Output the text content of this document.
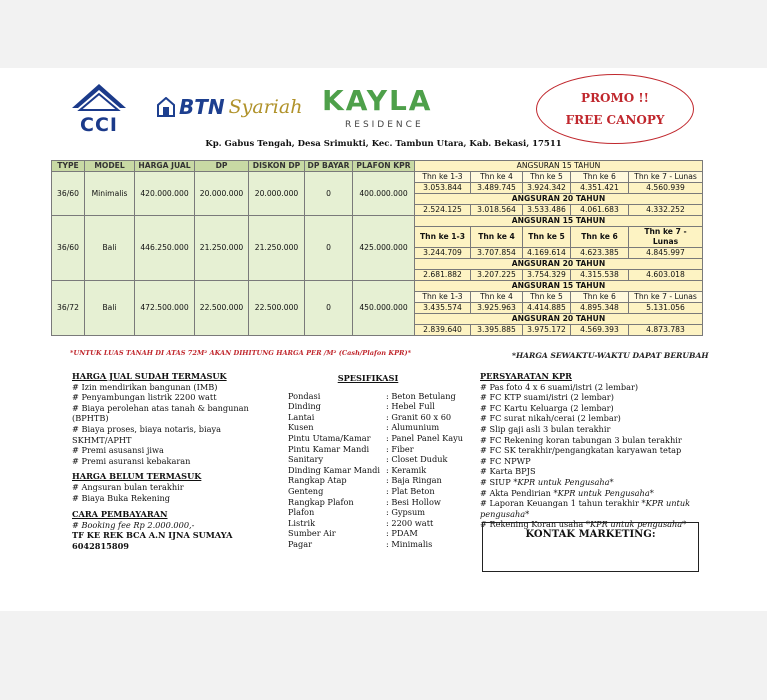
CCI
BTN Syariah KAYLA
RESIDENCE
PROMO !!
FREE CANOPY
Kp. Gabus Tengah, Desa Srimukti, Kec. Tambun Utara, Kab. Bekasi, 17511
TYPE	MODEL	HARGA JUAL	DP	DISKON DP	DP BAYAR	PLAFON KPR	ANGSURAN 15 TAHUN				

36/60	Minimalis	420.000.000	20.000.000	20.000.000	0	400.000.000	Thn ke 1-3	Thn ke 4	Thn ke 5	Thn ke 6	Thn ke 7 - Lunas
							3.053.844	3.489.745	3.924.342	4.351.421	4.560.939
							ANGSURAN 20 TAHUN				
							2.524.125	3.018.564	3.533.486	4.061.683	4.332.252
36/60	Bali	446.250.000	21.250.000	21.250.000	0	425.000.000	ANGSURAN 15 TAHUN				
							Thn ke 1-3	Thn ke 4	Thn ke 5	Thn ke 6	Thn ke 7 - Lunas
							3.244.709	3.707.854	4.169.614	4.623.385	4.845.997
							ANGSURAN 20 TAHUN				
							2.681.882	3.207.225	3.754.329	4.315.538	4.603.018
36/72	Bali	472.500.000	22.500.000	22.500.000	0	450.000.000	ANGSURAN 15 TAHUN				
							Thn ke 1-3	Thn ke 4	Thn ke 5	Thn ke 6	Thn ke 7 - Lunas
							3.435.574	3.925.963	4.414.885	4.895.348	5.131.056
							ANGSURAN 20 TAHUN				
							2.839.640	3.395.885	3.975.172	4.569.393	4.873.783
*UNTUK LUAS TANAH DI ATAS 72M² AKAN DIHITUNG HARGA PER /M² (Cash/Plafon KPR)*	*HARGA SEWAKTU-WAKTU DAPAT BERUBAH
HARGA JUAL SUDAH TERMASUK
# Izin mendirikan bangunan (IMB)
# Penyambungan listrik 2200 watt
# Biaya perolehan atas tanah & bangunan (BPHTB)
# Biaya proses, biaya notaris, biaya SKHMT/APHT
# Premi asusansi jiwa
# Premi asuransi kebakaran
HARGA BELUM TERMASUK
# Angsuran bulan terakhir
# Biaya Buka Rekening
CARA PEMBAYARAN
# Booking fee Rp 2.000.000,-
TF KE REK BCA A.N IJNA SUMAYA 6042815809
SPESIFIKASI
Pondasi	: Beton Betulang
Dinding	: Hebel Full
Lantai	: Granit 60 x 60
Kusen	: Alumunium
Pintu Utama/Kamar	: Panel Panel Kayu
Pintu Kamar Mandi	: Fiber
Sanitary	: Closet Duduk
Dinding Kamar Mandi : Keramik
Rangkap Atap	: Baja Ringan
Genteng	: Plat Beton
Rangkap Plafon	: Besi Hollow
Plafon	: Gypsum
Listrik	: 2200 watt
Sumber Air	: PDAM
Pagar	: Minimalis
PERSYARATAN KPR
# Pas foto 4 x 6 suami/istri (2 lembar)
# FC KTP suami/istri (2 lembar)
# FC Kartu Keluarga (2 lembar)
# FC surat nikah/cerai (2 lembar)
# Slip gaji asli 3 bulan terakhir
# FC Rekening koran tabungan 3 bulan terakhir
# FC SK terakhir/pengangkatan karyawan tetap
# FC NPWP
# Karta BPJS
# SIUP *KPR untuk Pengusaha*
# Akta Pendirian *KPR untuk Pengusaha*
# Laporan Keuangan 1 tahun terakhir *KPR untuk pengusaha*
# Rekening Koran usaha *KPR untuk pengusaha*
KONTAK MARKETING:
